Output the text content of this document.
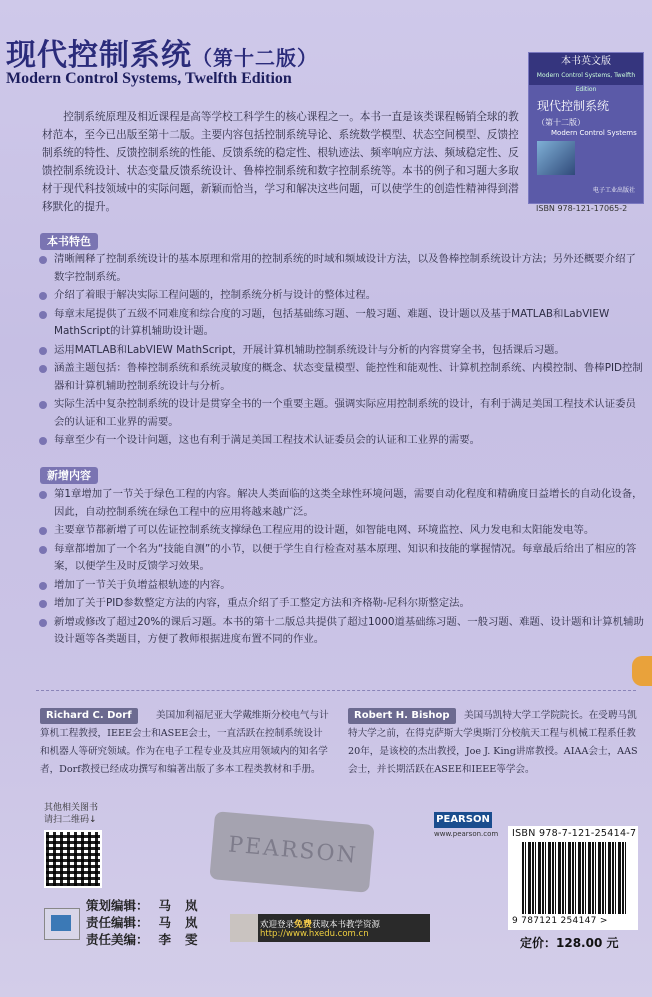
现代控制系统（第十二版）
Modern Control Systems, Twelfth Edition
本书英文版
Modern Control Systems, Twelfth Edition
现代控制系统
（第十二版）
Modern Control Systems
电子工业出版社
ISBN 978-121-17065-2
控制系统原理及相近课程是高等学校工科学生的核心课程之一。本书一直是该类课程畅销全球的教材范本，至今已出版至第十二版。主要内容包括控制系统导论、系统数学模型、状态空间模型、反馈控制系统的特性、反馈控制系统的性能、反馈系统的稳定性、根轨迹法、频率响应方法、频域稳定性、反馈控制系统设计、状态变量反馈系统设计、鲁棒控制系统和数字控制系统等。本书的例子和习题大多取材于现代科技领域中的实际问题，新颖而恰当，学习和解决这些问题，可以使学生的创造性精神得到潜移默化的提升。
本书特色
清晰阐释了控制系统设计的基本原理和常用的控制系统的时域和频域设计方法，以及鲁棒控制系统设计方法；另外还概要介绍了数字控制系统。
介绍了着眼于解决实际工程问题的，控制系统分析与设计的整体过程。
每章末尾提供了五级不同难度和综合度的习题，包括基础练习题、一般习题、难题、设计题以及基于MATLAB和LabVIEW MathScript的计算机辅助设计题。
运用MATLAB和LabVIEW MathScript，开展计算机辅助控制系统设计与分析的内容贯穿全书，包括课后习题。
涵盖主题包括：鲁棒控制系统和系统灵敏度的概念、状态变量模型、能控性和能观性、计算机控制系统、内模控制、鲁棒PID控制器和计算机辅助控制系统设计与分析。
实际生活中复杂控制系统的设计是贯穿全书的一个重要主题。强调实际应用控制系统的设计，有利于满足美国工程技术认证委员会的认证和工业界的需要。
每章至少有一个设计问题，这也有利于满足美国工程技术认证委员会的认证和工业界的需要。
新增内容
第1章增加了一节关于绿色工程的内容。解决人类面临的这类全球性环境问题，需要自动化程度和精确度日益增长的自动化设备，因此，自动控制系统在绿色工程中的应用将越来越广泛。
主要章节都新增了可以佐证控制系统支撑绿色工程应用的设计题，如智能电网、环境监控、风力发电和太阳能发电等。
每章都增加了一个名为“技能自测”的小节，以便于学生自行检查对基本原理、知识和技能的掌握情况。每章最后给出了相应的答案，以便学生及时反馈学习效果。
增加了一节关于负增益根轨迹的内容。
增加了关于PID参数整定方法的内容，重点介绍了手工整定方法和齐格勒-尼科尔斯整定法。
新增或修改了超过20%的课后习题。本书的第十二版总共提供了超过1000道基础练习题、一般习题、难题、设计题和计算机辅助设计题等各类题目，方便了教师根据进度布置不同的作业。
Richard C. Dorf	美国加利福尼亚大学戴维斯分校电气与计算机工程教授，IEEE会士和ASEE会士，一直活跃在控制系统设计和机器人等研究领域。作为在电子工程专业及其应用领域内的知名学者，Dorf教授已经成功撰写和编著出版了多本工程类教材和手册。
Robert H. Bishop	美国马凯特大学工学院院长。在受聘马凯特大学之前，在得克萨斯大学奥斯汀分校航天工程与机械工程系任教20年，是该校的杰出教授，Joe J. King讲席教授。AIAA会士，AAS会士，并长期活跃在ASEE和IEEE等学会。
其他相关图书
请扫二维码↓
PEARSON
PEARSON
www.pearson.com
策划编辑： 马岚
责任编辑： 马岚
责任美编： 李雯
欢迎登录免费获取本书教学资源
http://www.hxedu.com.cn
ISBN 978-7-121-25414-7
9 787121 254147 >
定价：128.00 元
